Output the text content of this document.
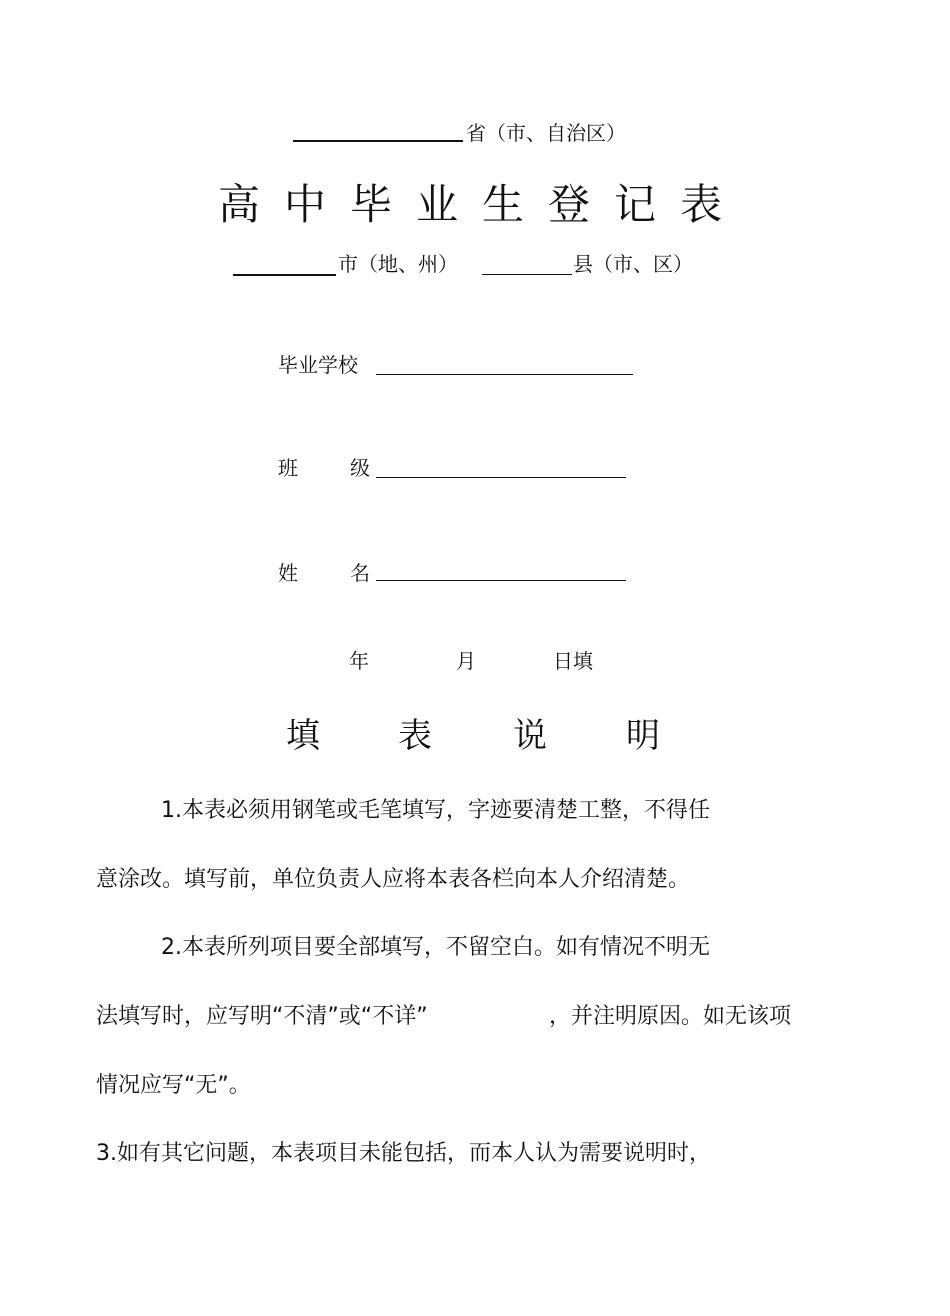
省（市、自治区）
高中毕业生登记表
市（地、州）	县（市、区）
毕业学校
班	级
姓	名
年	月	日填
填 表 说 明
1.本表必须用钢笔或毛笔填写，字迹要清楚工整，不得任
意涂改。填写前，单位负责人应将本表各栏向本人介绍清楚。
2.本表所列项目要全部填写，不留空白。如有情况不明无
法填写时，应写明“不清”或“不详”	，并注明原因。如无该项
情况应写“无”。
3.如有其它问题，本表项目未能包括，而本人认为需要说明时，
